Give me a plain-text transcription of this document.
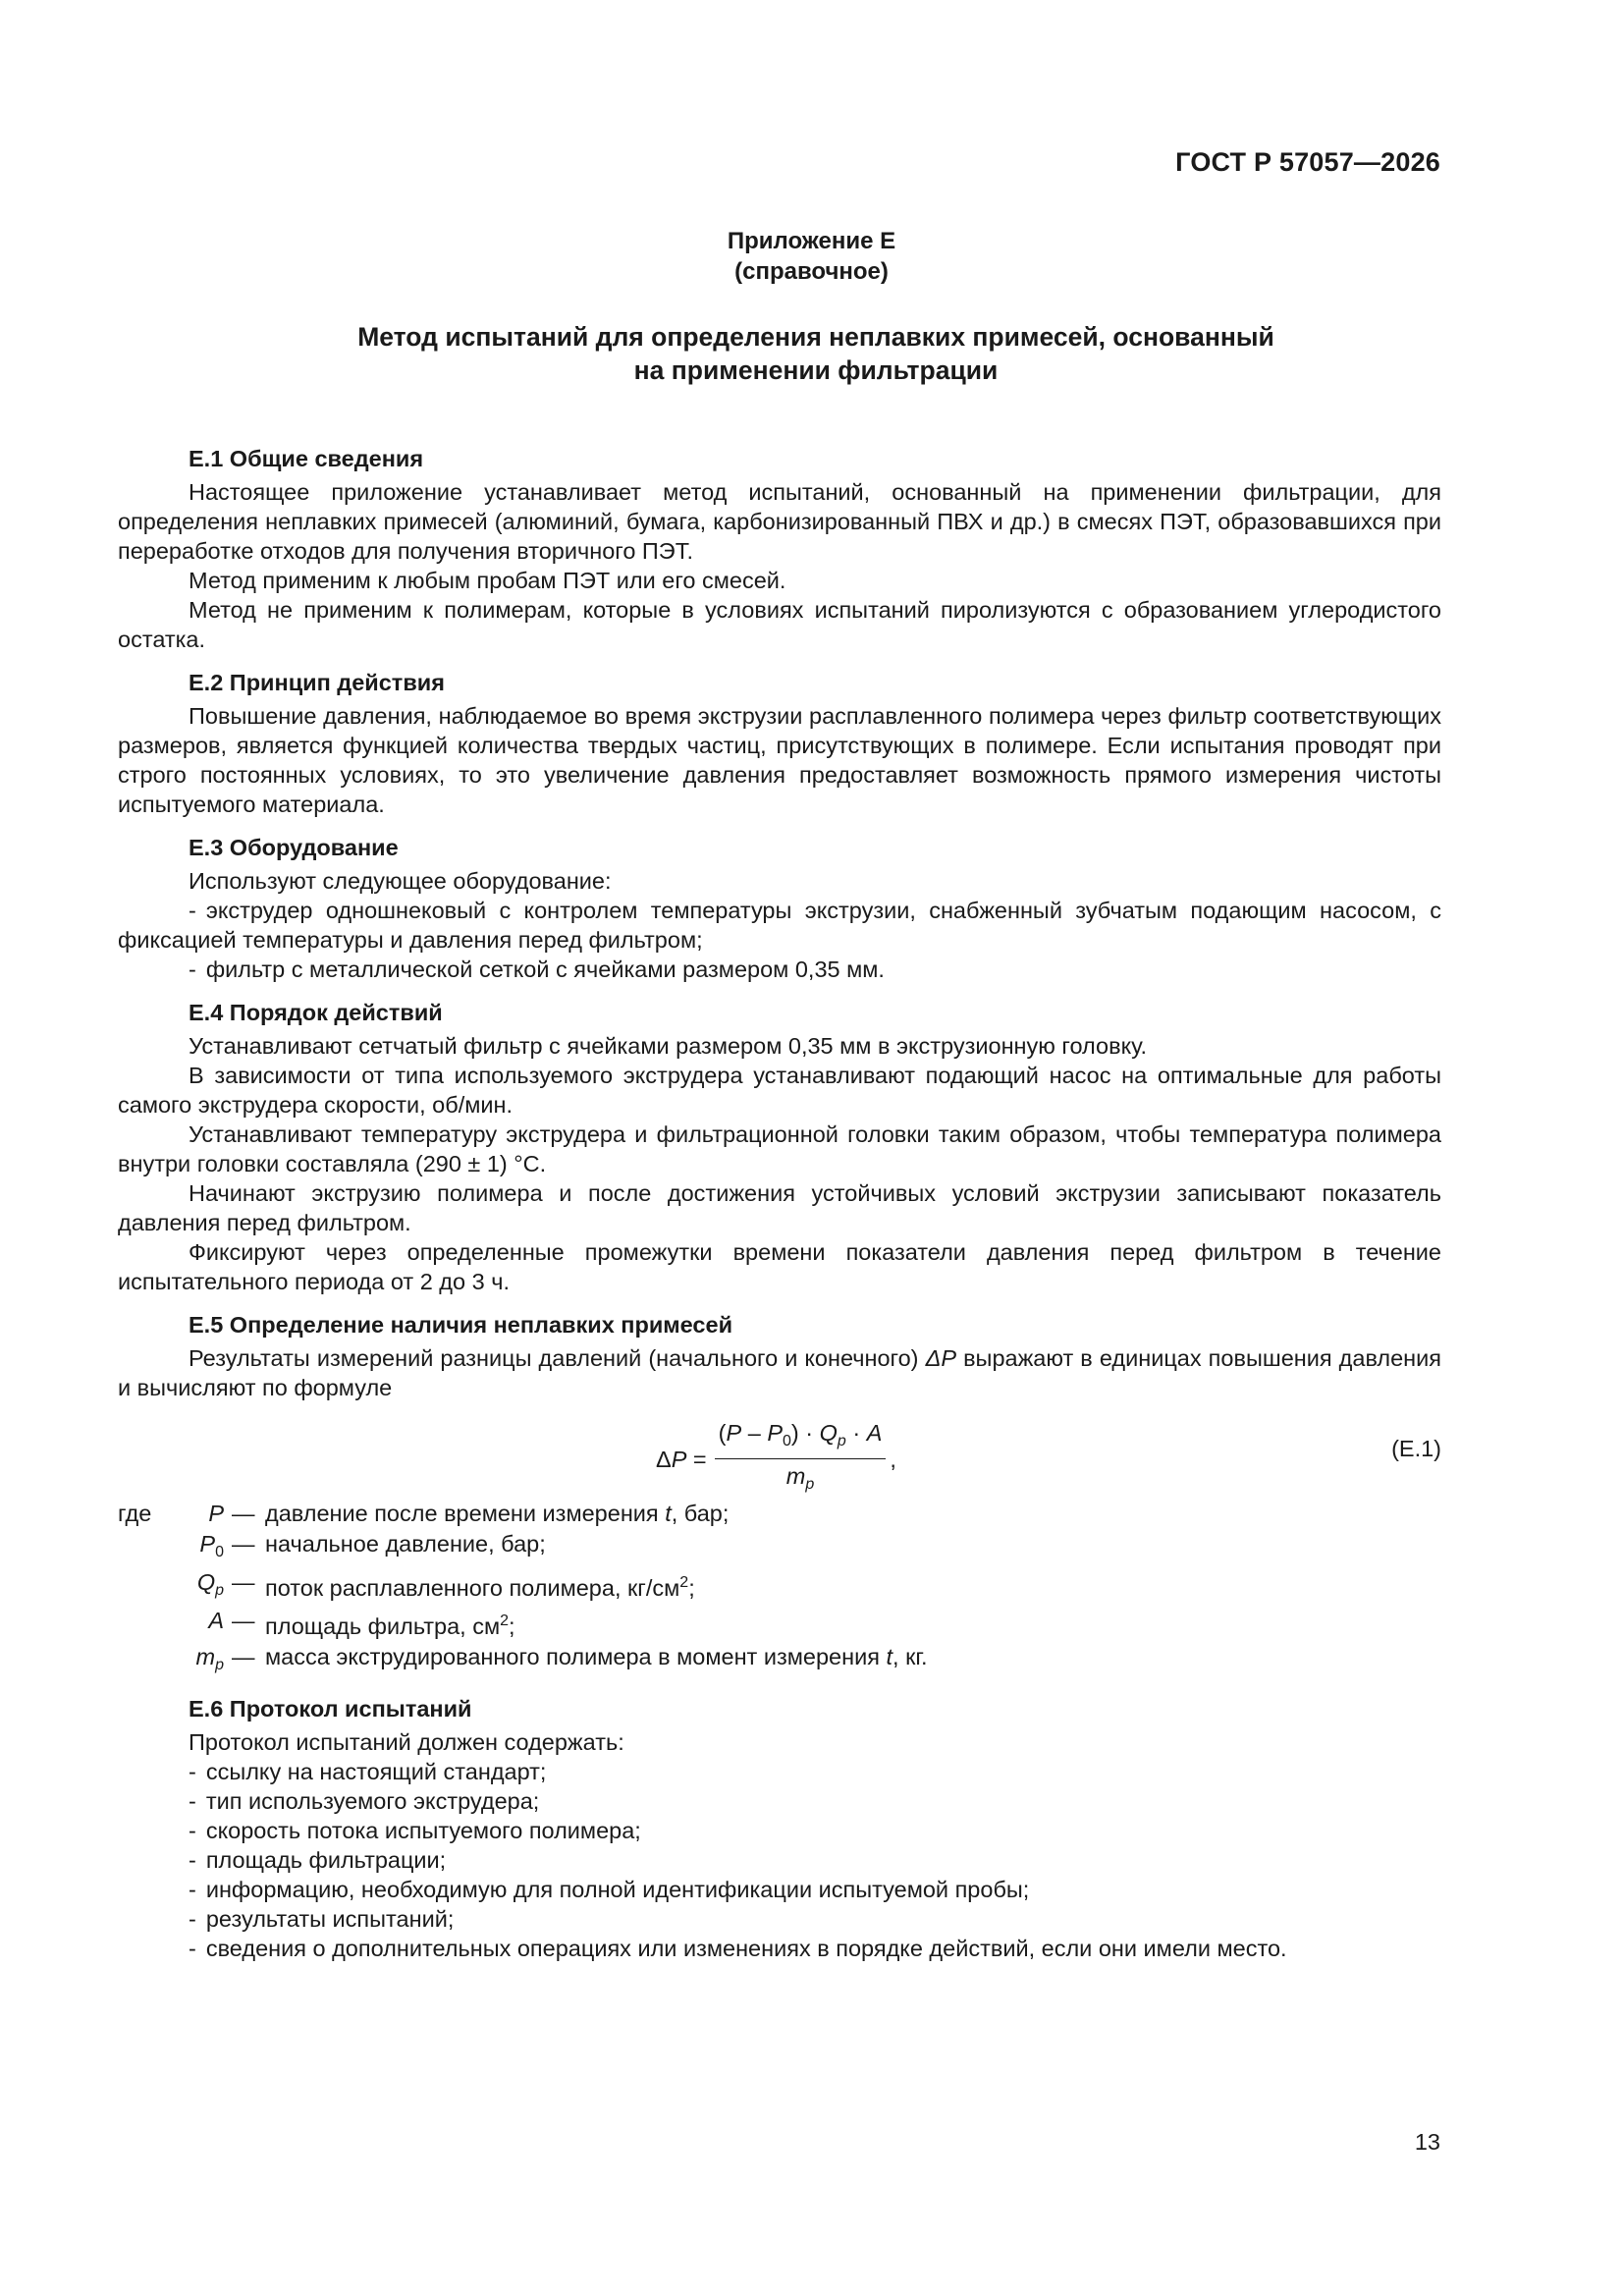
ГОСТ Р 57057—2026
Приложение Е
(справочное)
Метод испытаний для определения неплавких примесей, основанный
на применении фильтрации
Е.1 Общие сведения

Настоящее приложение устанавливает метод испытаний, основанный на применении фильтрации, для определения неплавких примесей (алюминий, бумага, карбонизированный ПВХ и др.) в смесях ПЭТ, образовавшихся при переработке отходов для получения вторичного ПЭТ.

Метод применим к любым пробам ПЭТ или его смесей.

Метод не применим к полимерам, которые в условиях испытаний пиролизуются с образованием углеродистого остатка.

Е.2 Принцип действия

Повышение давления, наблюдаемое во время экструзии расплавленного полимера через фильтр соответствующих размеров, является функцией количества твердых частиц, присутствующих в полимере. Если испытания проводят при строго постоянных условиях, то это увеличение давления предоставляет возможность прямого измерения чистоты испытуемого материала.

Е.3 Оборудование

Используют следующее оборудование:

- экструдер одношнековый с контролем температуры экструзии, снабженный зубчатым подающим насосом, с фиксацией температуры и давления перед фильтром;

- фильтр с металлической сеткой с ячейками размером 0,35 мм.

Е.4 Порядок действий

Устанавливают сетчатый фильтр с ячейками размером 0,35 мм в экструзионную головку.

В зависимости от типа используемого экструдера устанавливают подающий насос на оптимальные для работы самого экструдера скорости, об/мин.

Устанавливают температуру экструдера и фильтрационной головки таким образом, чтобы температура полимера внутри головки составляла (290 ± 1) °С.

Начинают экструзию полимера и после достижения устойчивых условий экструзии записывают показатель давления перед фильтром.

Фиксируют через определенные промежутки времени показатели давления перед фильтром в течение испытательного периода от 2 до 3 ч.

Е.5 Определение наличия неплавких примесей

Результаты измерений разницы давлений (начального и конечного) ΔP выражают в единицах повышения давления и вычисляют по формуле

$\Delta P = \frac{(P - P_0) \cdot Q_p \cdot A}{m_p}$ ,	(Е.1)
где	P	—	давление после времени измерения t, бар;
	$P_0$	—	начальное давление, бар;
	$Q_p$	—	поток расплавленного полимера, $кг/см^2$;
	A	—	площадь фильтра, $см^2$;
	$m_p$	—	масса экструдированного полимера в момент измерения t, кг.
Е.6 Протокол испытаний

Протокол испытаний должен содержать:

- ссылку на настоящий стандарт;

- тип используемого экструдера;

- скорость потока испытуемого полимера;

- площадь фильтрации;

- информацию, необходимую для полной идентификации испытуемой пробы;

- результаты испытаний;

- сведения о дополнительных операциях или изменениях в порядке действий, если они имели место.

13
